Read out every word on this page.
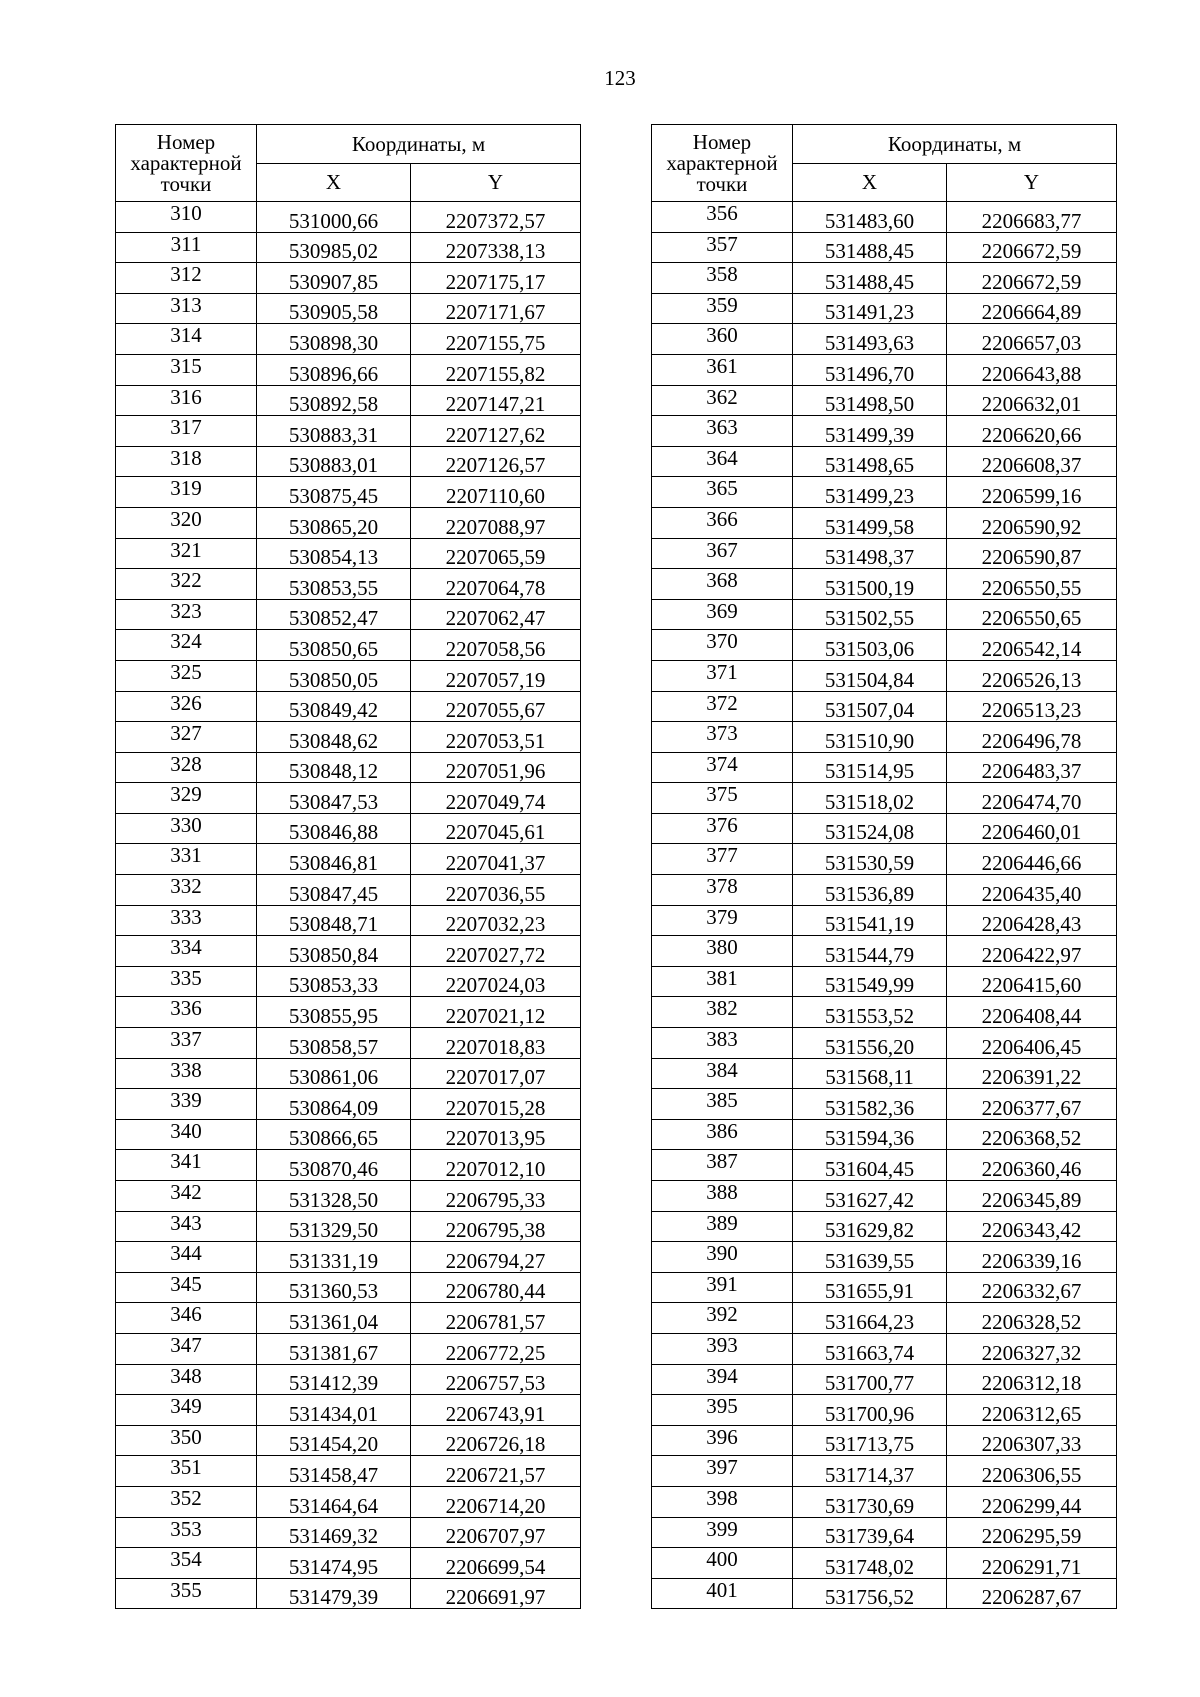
123
Номер характерной точки	Координаты, м	
	X	Y
310	531000,66	2207372,57
311	530985,02	2207338,13
312	530907,85	2207175,17
313	530905,58	2207171,67
314	530898,30	2207155,75
315	530896,66	2207155,82
316	530892,58	2207147,21
317	530883,31	2207127,62
318	530883,01	2207126,57
319	530875,45	2207110,60
320	530865,20	2207088,97
321	530854,13	2207065,59
322	530853,55	2207064,78
323	530852,47	2207062,47
324	530850,65	2207058,56
325	530850,05	2207057,19
326	530849,42	2207055,67
327	530848,62	2207053,51
328	530848,12	2207051,96
329	530847,53	2207049,74
330	530846,88	2207045,61
331	530846,81	2207041,37
332	530847,45	2207036,55
333	530848,71	2207032,23
334	530850,84	2207027,72
335	530853,33	2207024,03
336	530855,95	2207021,12
337	530858,57	2207018,83
338	530861,06	2207017,07
339	530864,09	2207015,28
340	530866,65	2207013,95
341	530870,46	2207012,10
342	531328,50	2206795,33
343	531329,50	2206795,38
344	531331,19	2206794,27
345	531360,53	2206780,44
346	531361,04	2206781,57
347	531381,67	2206772,25
348	531412,39	2206757,53
349	531434,01	2206743,91
350	531454,20	2206726,18
351	531458,47	2206721,57
352	531464,64	2206714,20
353	531469,32	2206707,97
354	531474,95	2206699,54
355	531479,39	2206691,97
Номер характерной точки	Координаты, м	
	X	Y
356	531483,60	2206683,77
357	531488,45	2206672,59
358	531488,45	2206672,59
359	531491,23	2206664,89
360	531493,63	2206657,03
361	531496,70	2206643,88
362	531498,50	2206632,01
363	531499,39	2206620,66
364	531498,65	2206608,37
365	531499,23	2206599,16
366	531499,58	2206590,92
367	531498,37	2206590,87
368	531500,19	2206550,55
369	531502,55	2206550,65
370	531503,06	2206542,14
371	531504,84	2206526,13
372	531507,04	2206513,23
373	531510,90	2206496,78
374	531514,95	2206483,37
375	531518,02	2206474,70
376	531524,08	2206460,01
377	531530,59	2206446,66
378	531536,89	2206435,40
379	531541,19	2206428,43
380	531544,79	2206422,97
381	531549,99	2206415,60
382	531553,52	2206408,44
383	531556,20	2206406,45
384	531568,11	2206391,22
385	531582,36	2206377,67
386	531594,36	2206368,52
387	531604,45	2206360,46
388	531627,42	2206345,89
389	531629,82	2206343,42
390	531639,55	2206339,16
391	531655,91	2206332,67
392	531664,23	2206328,52
393	531663,74	2206327,32
394	531700,77	2206312,18
395	531700,96	2206312,65
396	531713,75	2206307,33
397	531714,37	2206306,55
398	531730,69	2206299,44
399	531739,64	2206295,59
400	531748,02	2206291,71
401	531756,52	2206287,67
